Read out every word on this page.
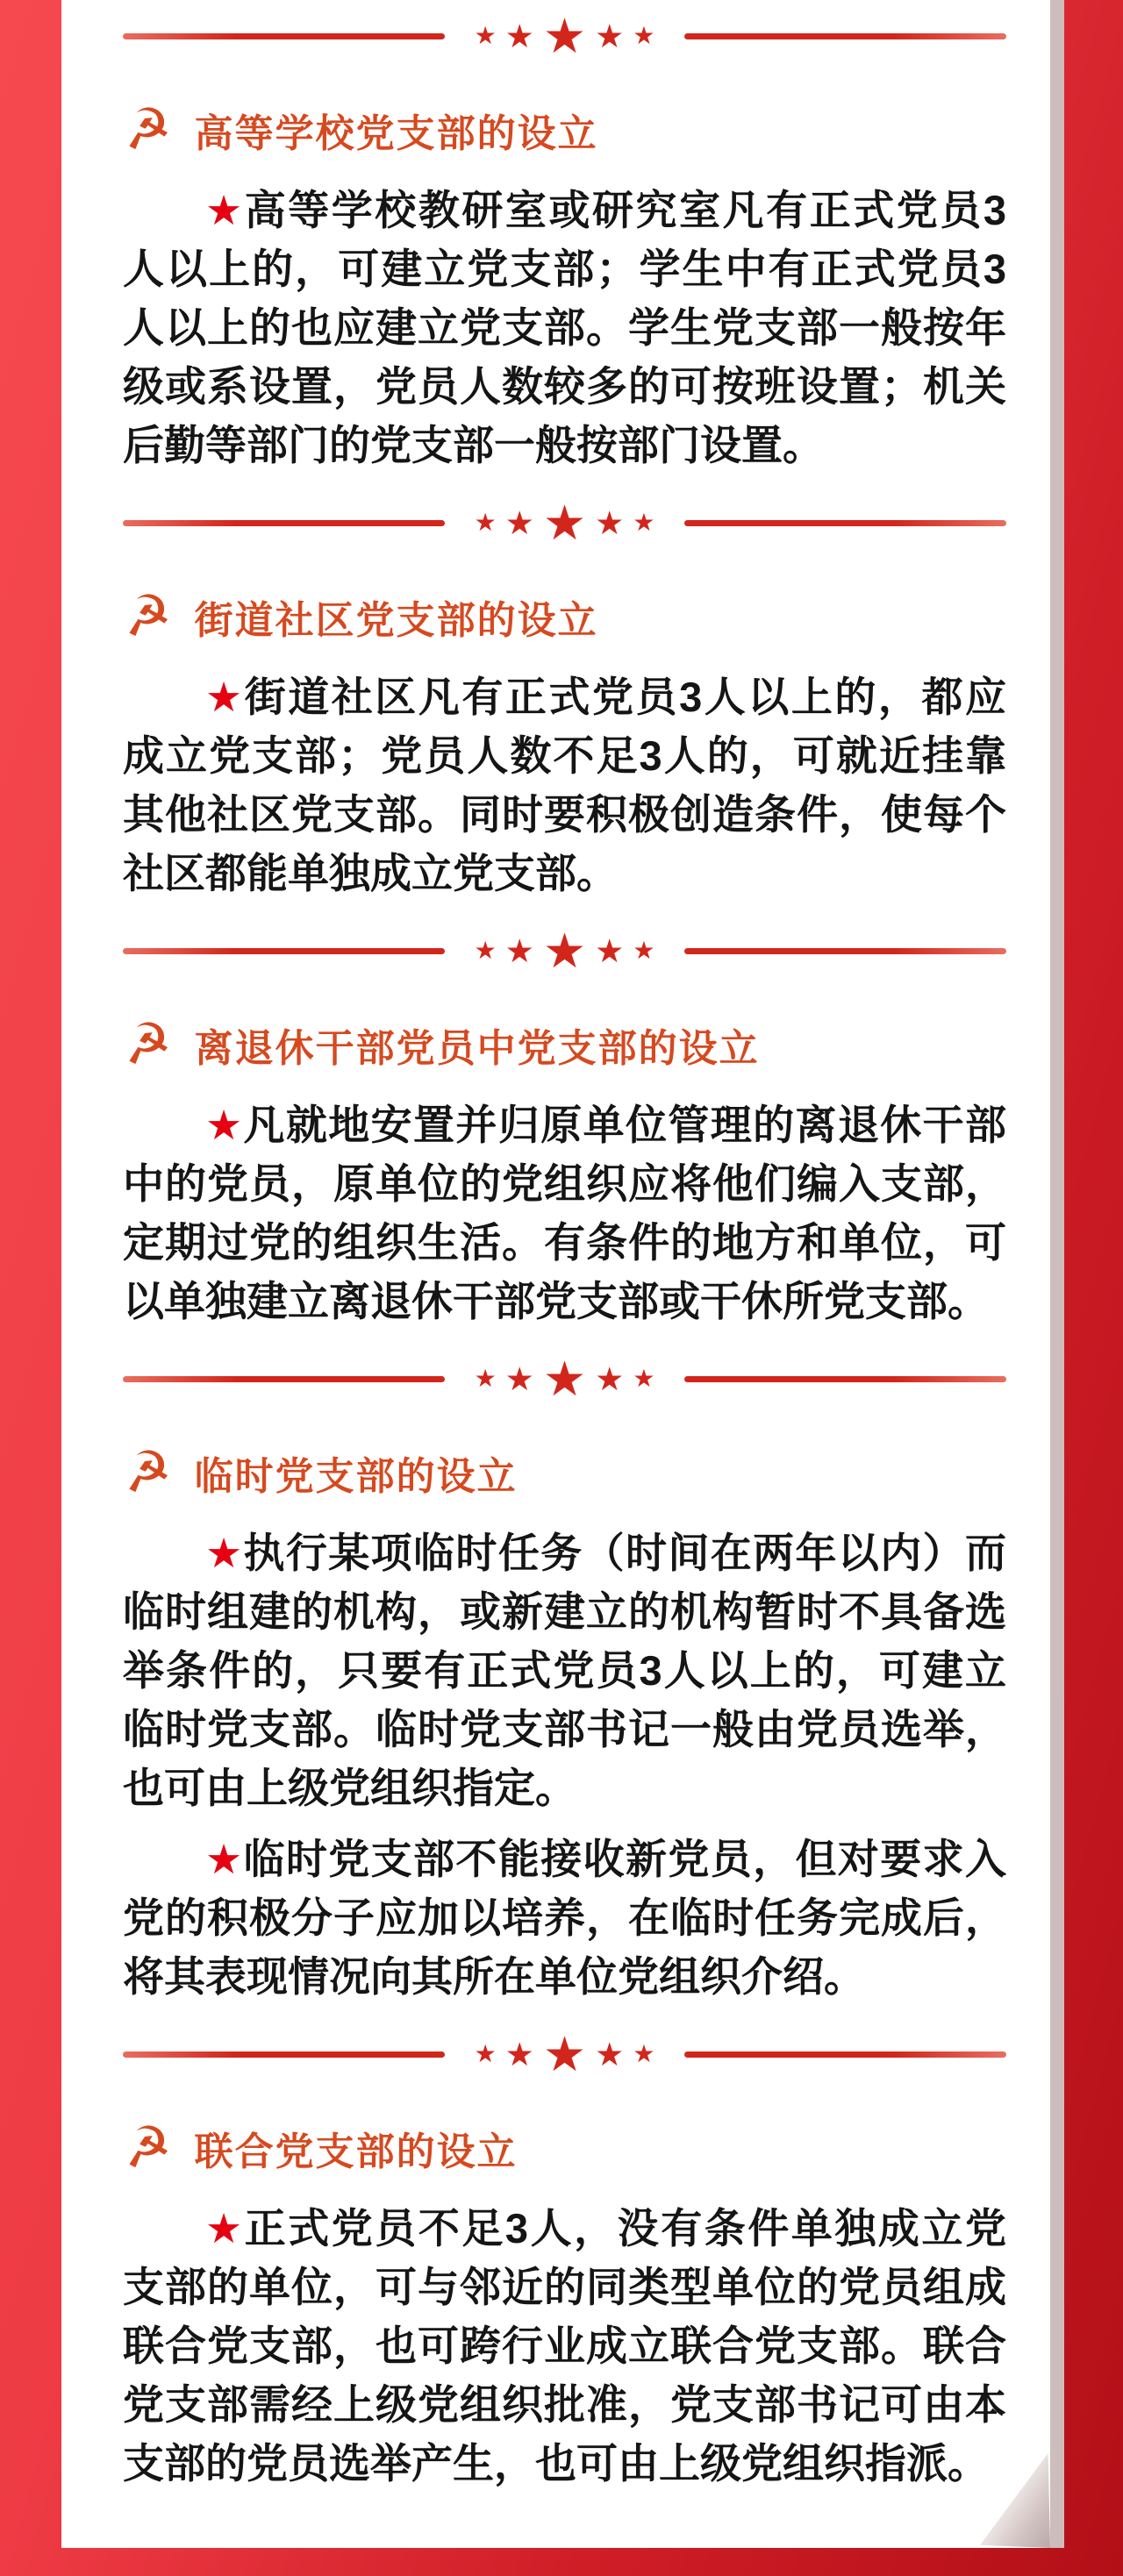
★ ★ ★ ★ ★
☭ 高等学校党支部的设立

★高等学校教研室或研究室凡有正式党员3人以上的，可建立党支部；学生中有正式党员3人以上的也应建立党支部。学生党支部一般按年级或系设置，党员人数较多的可按班设置；机关后勤等部门的党支部一般按部门设置。

★ ★ ★ ★ ★
☭ 街道社区党支部的设立

★街道社区凡有正式党员3人以上的，都应成立党支部；党员人数不足3人的，可就近挂靠其他社区党支部。同时要积极创造条件，使每个社区都能单独成立党支部。

★ ★ ★ ★ ★
☭ 离退休干部党员中党支部的设立

★凡就地安置并归原单位管理的离退休干部中的党员，原单位的党组织应将他们编入支部，定期过党的组织生活。有条件的地方和单位，可以单独建立离退休干部党支部或干休所党支部。

★ ★ ★ ★ ★
☭ 临时党支部的设立

★执行某项临时任务（时间在两年以内）而临时组建的机构，或新建立的机构暂时不具备选举条件的，只要有正式党员3人以上的，可建立临时党支部。临时党支部书记一般由党员选举，也可由上级党组织指定。

★临时党支部不能接收新党员，但对要求入党的积极分子应加以培养，在临时任务完成后，将其表现情况向其所在单位党组织介绍。

★ ★ ★ ★ ★
☭ 联合党支部的设立

★正式党员不足3人，没有条件单独成立党支部的单位，可与邻近的同类型单位的党员组成联合党支部，也可跨行业成立联合党支部。联合党支部需经上级党组织批准，党支部书记可由本支部的党员选举产生，也可由上级党组织指派。
